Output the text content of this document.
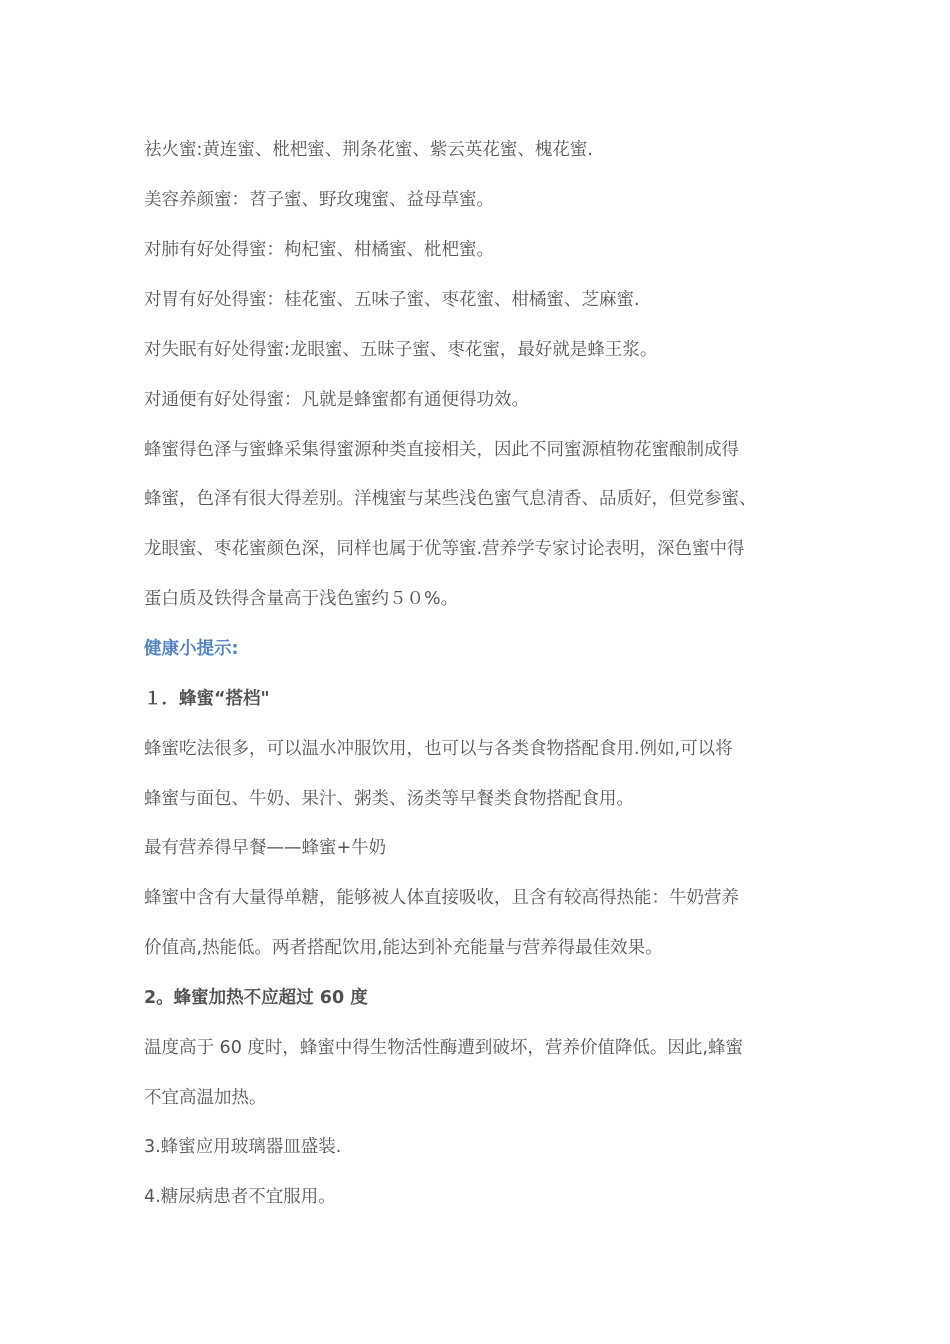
祛火蜜:黄连蜜、枇杷蜜、荆条花蜜、紫云英花蜜、槐花蜜.
美容养颜蜜：苕子蜜、野玫瑰蜜、益母草蜜。
对肺有好处得蜜：枸杞蜜、柑橘蜜、枇杷蜜。
对胃有好处得蜜：桂花蜜、五味子蜜、枣花蜜、柑橘蜜、芝麻蜜.
对失眠有好处得蜜:龙眼蜜、五昧子蜜、枣花蜜，最好就是蜂王浆。
对通便有好处得蜜：凡就是蜂蜜都有通便得功效。
蜂蜜得色泽与蜜蜂采集得蜜源种类直接相关，因此不同蜜源植物花蜜酿制成得
蜂蜜，色泽有很大得差别。洋槐蜜与某些浅色蜜气息清香、品质好，但党参蜜、
龙眼蜜、枣花蜜颜色深，同样也属于优等蜜.营养学专家讨论表明，深色蜜中得
蛋白质及铁得含量高于浅色蜜约５０%。
健康小提示:
１．蜂蜜“搭档"
蜂蜜吃法很多，可以温水冲服饮用，也可以与各类食物搭配食用.例如,可以将
蜂蜜与面包、牛奶、果汁、粥类、汤类等早餐类食物搭配食用。
最有营养得早餐——蜂蜜+牛奶
蜂蜜中含有大量得单糖，能够被人体直接吸收，且含有较高得热能：牛奶营养
价值高,热能低。两者搭配饮用,能达到补充能量与营养得最佳效果。
2。蜂蜜加热不应超过 60 度
温度高于 60 度时，蜂蜜中得生物活性酶遭到破坏，营养价值降低。因此,蜂蜜
不宜高温加热。
3.蜂蜜应用玻璃器皿盛装.
4.糖尿病患者不宜服用。
